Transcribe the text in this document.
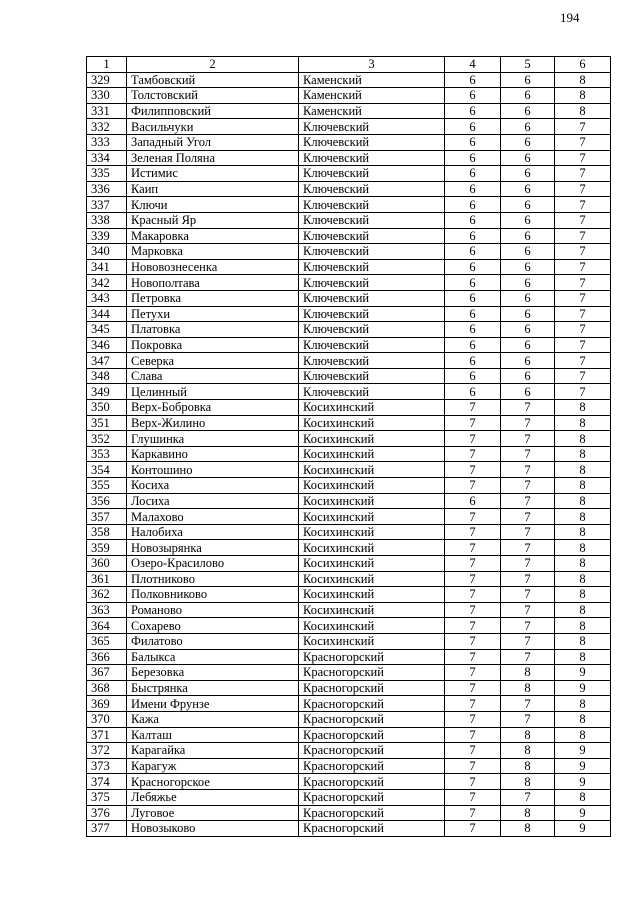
194
1	2	3	4	5	6
329	Тамбовский	Каменский	6	6	8
330	Толстовский	Каменский	6	6	8
331	Филипповский	Каменский	6	6	8
332	Васильчуки	Ключевский	6	6	7
333	Западный Угол	Ключевский	6	6	7
334	Зеленая Поляна	Ключевский	6	6	7
335	Истимис	Ключевский	6	6	7
336	Каип	Ключевский	6	6	7
337	Ключи	Ключевский	6	6	7
338	Красный Яр	Ключевский	6	6	7
339	Макаровка	Ключевский	6	6	7
340	Марковка	Ключевский	6	6	7
341	Нововознесенка	Ключевский	6	6	7
342	Новополтава	Ключевский	6	6	7
343	Петровка	Ключевский	6	6	7
344	Петухи	Ключевский	6	6	7
345	Платовка	Ключевский	6	6	7
346	Покровка	Ключевский	6	6	7
347	Северка	Ключевский	6	6	7
348	Слава	Ключевский	6	6	7
349	Целинный	Ключевский	6	6	7
350	Верх-Бобровка	Косихинский	7	7	8
351	Верх-Жилино	Косихинский	7	7	8
352	Глушинка	Косихинский	7	7	8
353	Каркавино	Косихинский	7	7	8
354	Контошино	Косихинский	7	7	8
355	Косиха	Косихинский	7	7	8
356	Лосиха	Косихинский	6	7	8
357	Малахово	Косихинский	7	7	8
358	Налобиха	Косихинский	7	7	8
359	Новозырянка	Косихинский	7	7	8
360	Озеро-Красилово	Косихинский	7	7	8
361	Плотниково	Косихинский	7	7	8
362	Полковниково	Косихинский	7	7	8
363	Романово	Косихинский	7	7	8
364	Сохарево	Косихинский	7	7	8
365	Филатово	Косихинский	7	7	8
366	Балыкса	Красногорский	7	7	8
367	Березовка	Красногорский	7	8	9
368	Быстрянка	Красногорский	7	8	9
369	Имени Фрунзе	Красногорский	7	7	8
370	Кажа	Красногорский	7	7	8
371	Калташ	Красногорский	7	8	8
372	Карагайка	Красногорский	7	8	9
373	Карагуж	Красногорский	7	8	9
374	Красногорское	Красногорский	7	8	9
375	Лебяжье	Красногорский	7	7	8
376	Луговое	Красногорский	7	8	9
377	Новозыково	Красногорский	7	8	9
